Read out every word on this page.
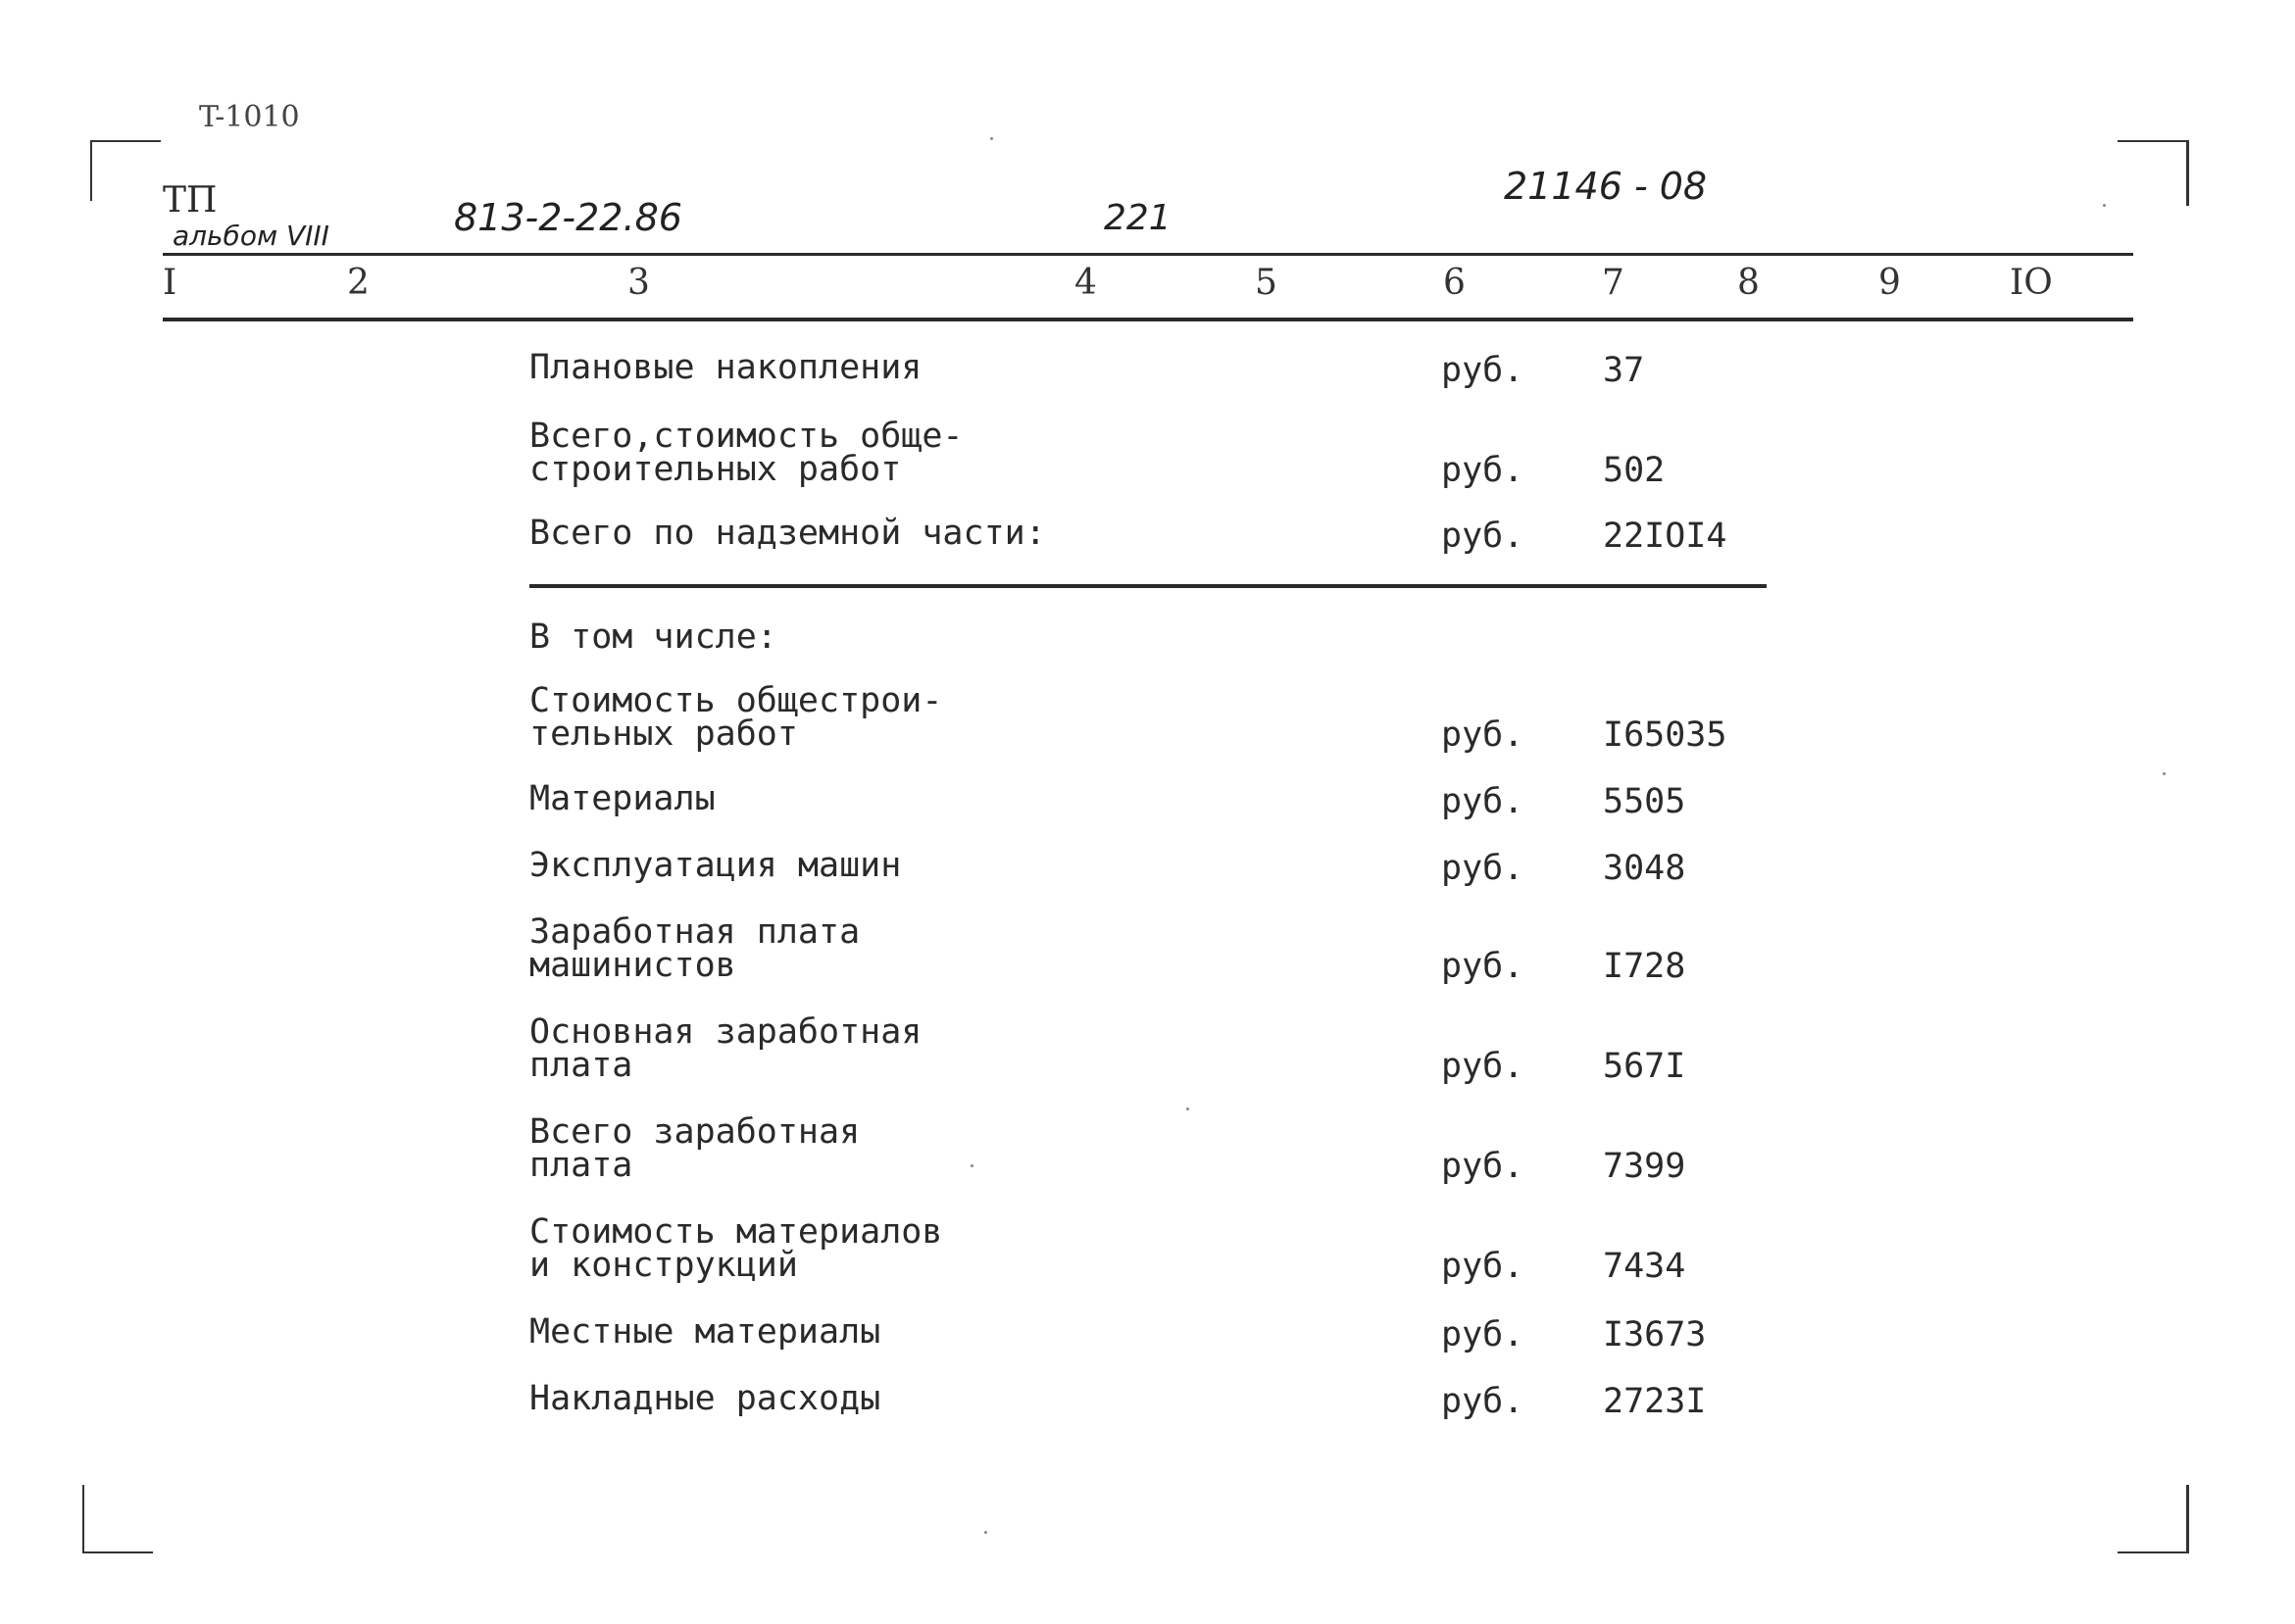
T-1010
ТП
альбом VIII	813-2-22.86	221
21146 - 08
I	2	3	4	5	6	7	8	9	IO
Плановые накопления	руб. 37
Всего,стоимость обще-
строительных работ	руб. 502
Всего по надземной части:	руб. 22IOI4
В том числе:
Стоимость общестрои-
тельных работ	руб. I65035
Материалы	руб. 5505
Эксплуатация машин	руб. 3048
Заработная плата
машинистов	руб. I728
Основная заработная
плата	руб. 567I
Всего заработная
плата	руб. 7399
Стоимость материалов
и конструкций	руб. 7434
Местные материалы	руб. I3673
Накладные расходы	руб. 2723I
